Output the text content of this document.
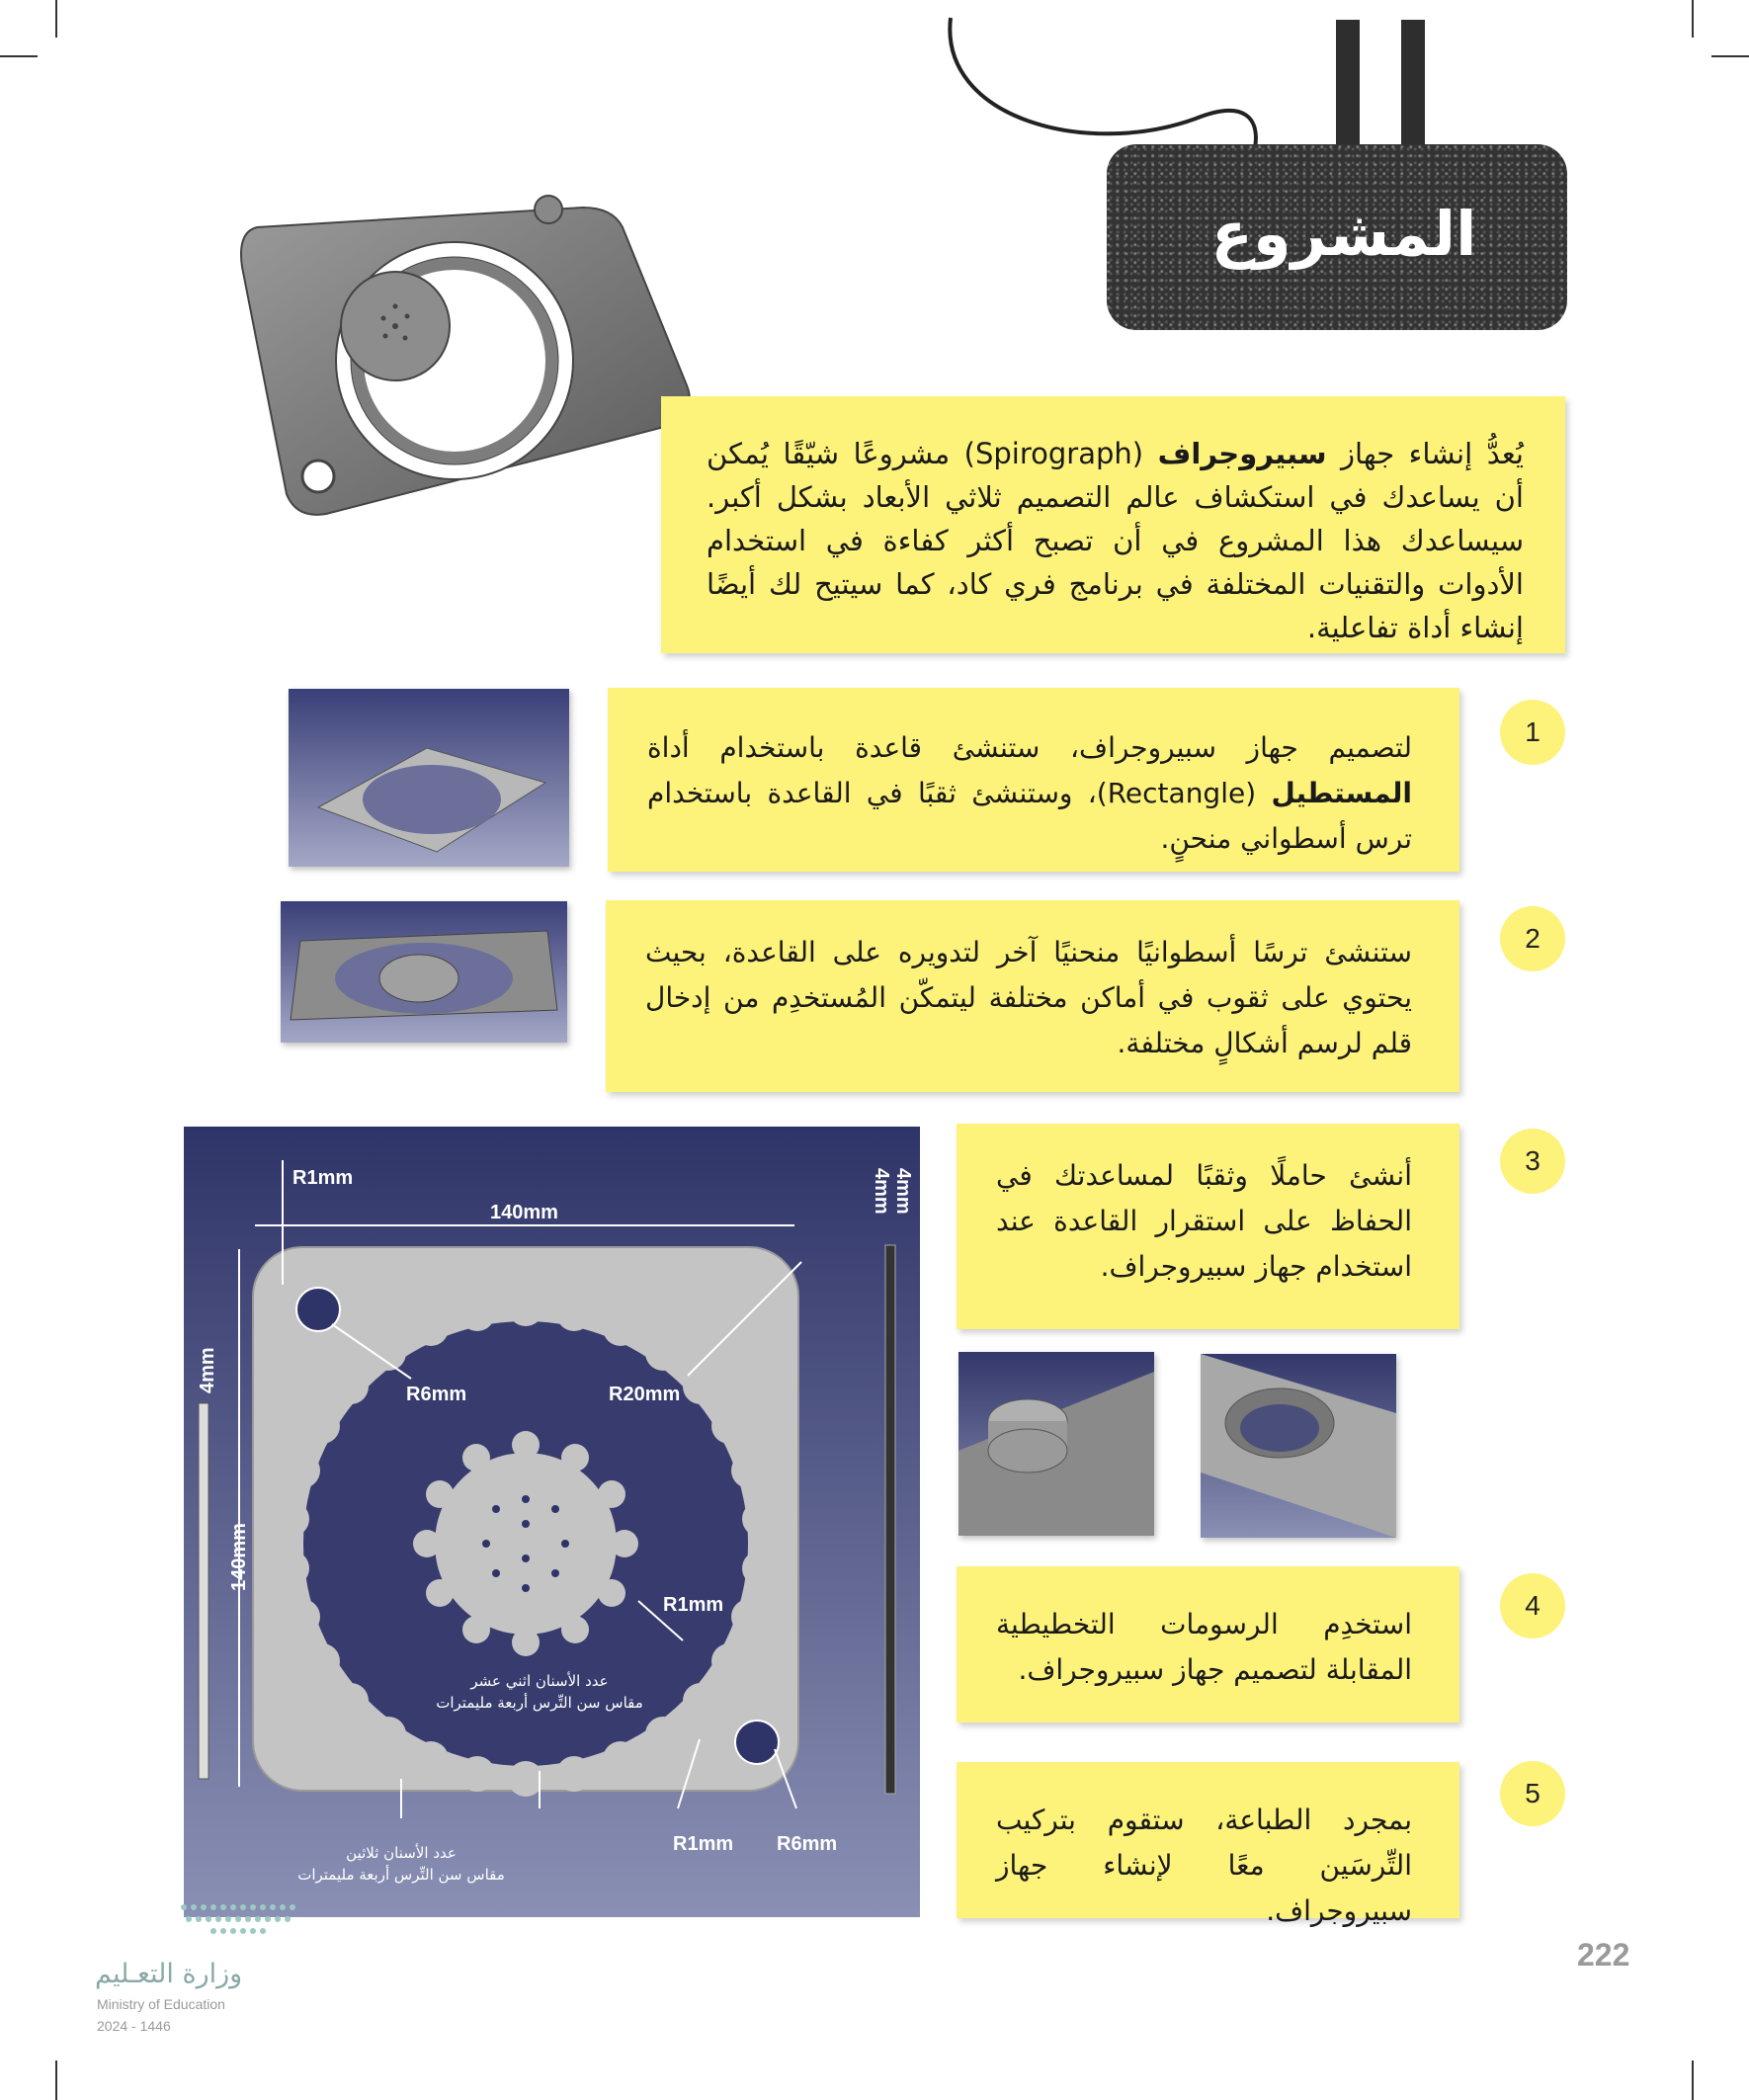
المشروع

يُعدُّ إنشاء جهاز سبيروجراف (Spirograph) مشروعًا شيّقًا يُمكن أن يساعدك في استكشاف عالم التصميم ثلاثي الأبعاد بشكل أكبر. سيساعدك هذا المشروع في أن تصبح أكثر كفاءة في استخدام الأدوات والتقنيات المختلفة في برنامج فري كاد، كما سيتيح لك أيضًا إنشاء أداة تفاعلية.

لتصميم جهاز سبيروجراف، ستنشئ قاعدة باستخدام أداة المستطيل (Rectangle)، وستنشئ ثقبًا في القاعدة باستخدام ترس أسطواني منحنٍ.

1

ستنشئ ترسًا أسطوانيًا منحنيًا آخر لتدويره على القاعدة، بحيث يحتوي على ثقوب في أماكن مختلفة ليتمكّن المُستخدِم من إدخال قلم لرسم أشكالٍ مختلفة.

2
R1mm
140mm	4mm 4mm
4mm
140mm
R6mm	R20mm
R1mm
R1mm R6mm
عدد الأسنان اثني عشر
مقاس سن التِّرس أربعة مليمترات
عدد الأسنان ثلاثين
مقاس سن التِّرس أربعة مليمترات

أنشئ حاملًا وثقبًا لمساعدتك في الحفاظ على استقرار القاعدة عند استخدام جهاز سبيروجراف.

3

استخدِم الرسومات التخطيطية المقابلة لتصميم جهاز سبيروجراف.

4

بمجرد الطباعة، ستقوم بتركيب التِّرسَين معًا لإنشاء جهاز سبيروجراف.

5
وزارة التعـليم
Ministry of Education
2024 - 1446
222
